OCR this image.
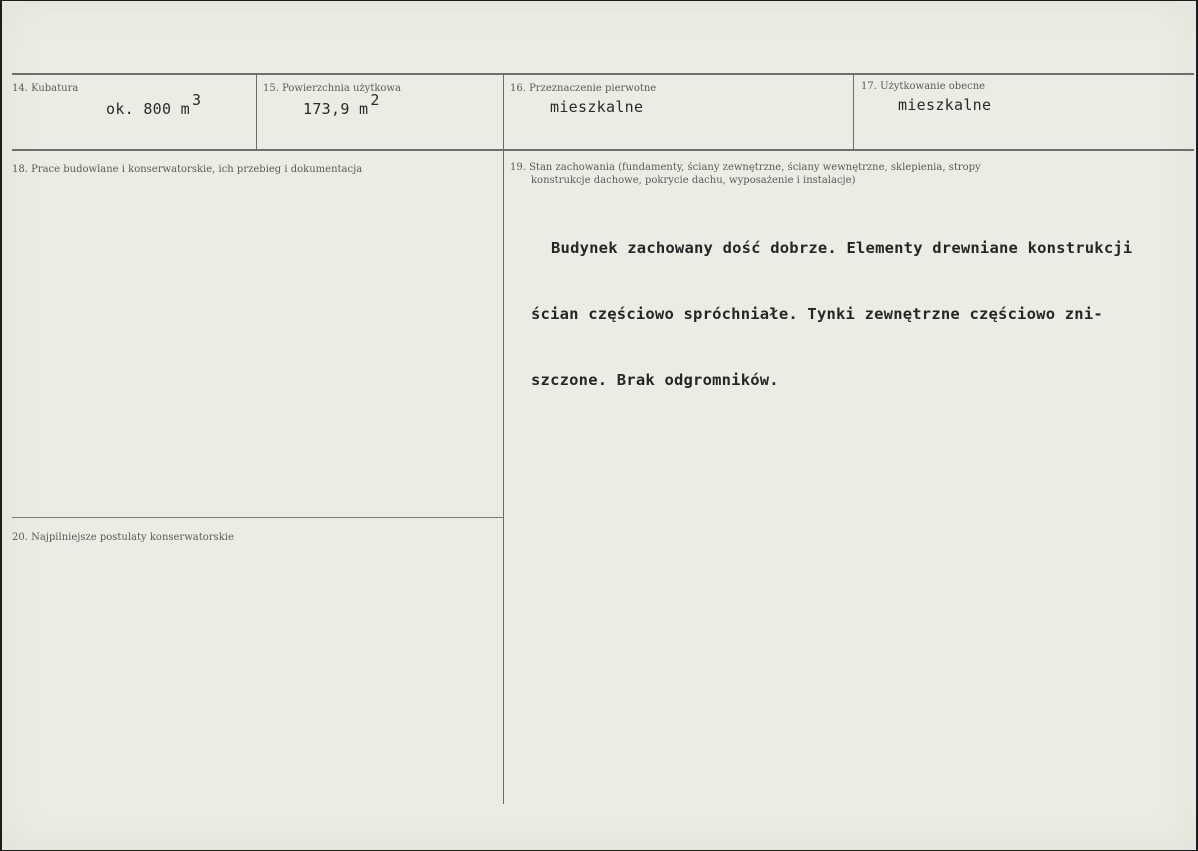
14. Kubatura
ok. 800 m 3
15. Powierzchnia użytkowa
173,9 m 2
16. Przeznaczenie pierwotne
mieszkalne
17. Użytkowanie obecne
mieszkalne
18. Prace budowlane i konserwatorskie, ich przebieg i dokumentacja	19. Stan zachowania (fundamenty, ściany zewnętrzne, ściany wewnętrzne, sklepienia, stropy
konstrukcje dachowe, pokrycie dachu, wyposażenie i instalacje)

Budynek zachowany dość dobrze. Elementy drewniane konstrukcji

ścian częściowo spróchniałe. Tynki zewnętrzne częściowo zni-

szczone. Brak odgromników.

20. Najpilniejsze postulaty konserwatorskie
